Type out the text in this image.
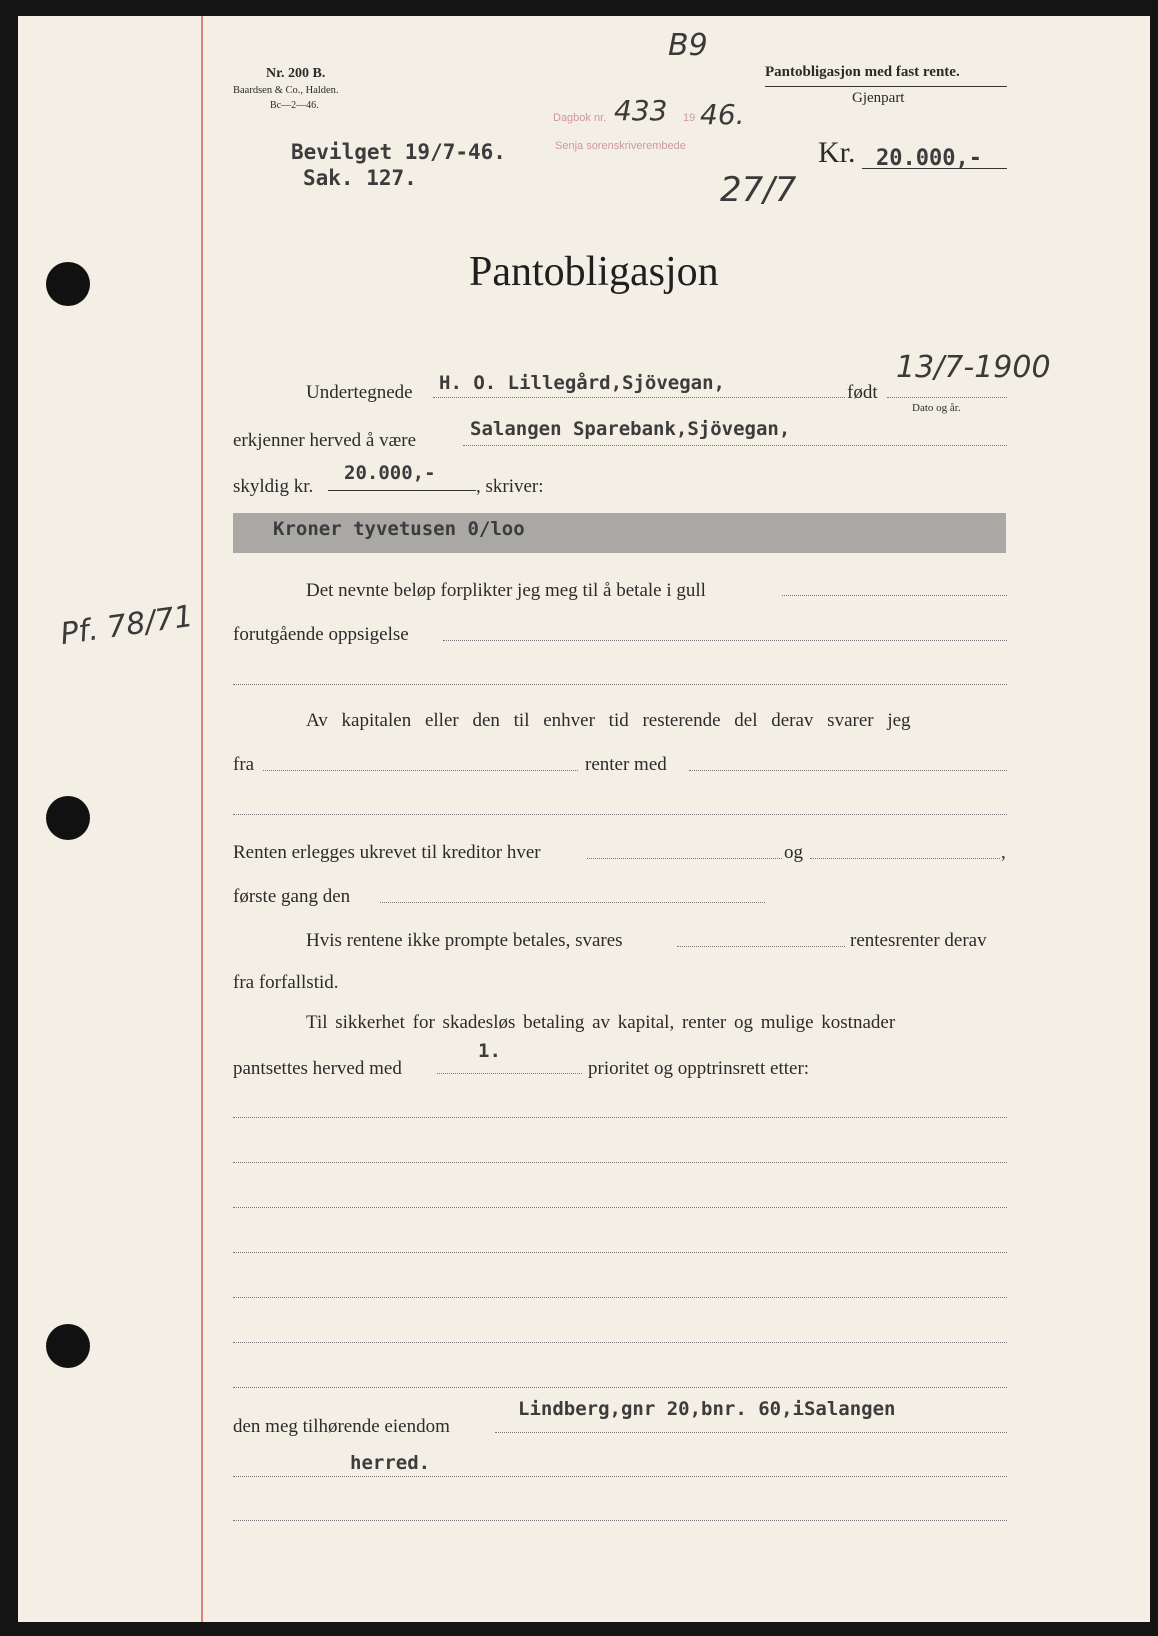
Nr. 200 B.
Baardsen & Co., Halden.
Bc—2—46.
B9
Pantobligasjon med fast rente.
Gjenpart
Dagbok nr. 433 19 46.
Senja sorenskriverembede
27/7
Bevilget 19/7-46.
Sak. 127.
Kr. 20.000,-
Pantobligasjon
Pf. 78/71
Undertegnede H. O. Lillegård,Sjövegan,	født
13/7-1900
Dato og år.
erkjenner herved å være
Salangen Sparebank,Sjövegan,
skyldig kr.
20.000,-
, skriver:
Kroner tyvetusen 0/loo
Det nevnte beløp forplikter jeg meg til å betale i gull
forutgående oppsigelse
Av kapitalen eller den til enhver tid resterende del derav svarer jeg
fra	renter med
Renten erlegges ukrevet til kreditor hver	og	,
første gang den
Hvis rentene ikke prompte betales, svares	rentesrenter derav
fra forfallstid.
Til sikkerhet for skadesløs betaling av kapital, renter og mulige kostnader
pantsettes herved med
1.
prioritet og opptrinsrett etter:
Lindberg,gnr 20,bnr. 60,iSalangen
den meg tilhørende eiendom
herred.
